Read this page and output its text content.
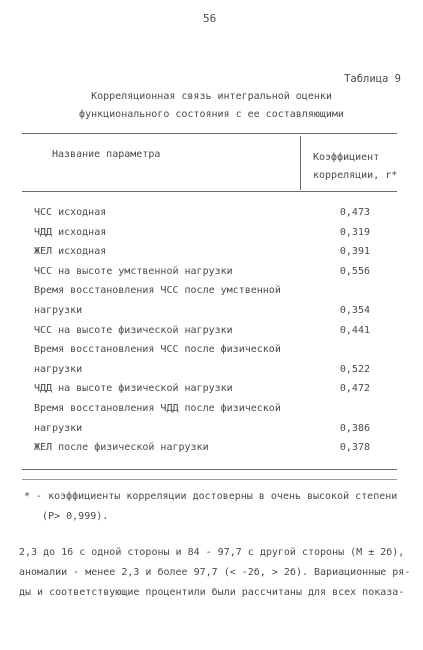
56
Таблица 9
Корреляционная связь интегральной оценки
функционального состояния с ее составляющими
Название параметра	Коэффициент
корреляции, r*
ЧСС исходная	0,473
ЧДД исходная	0,319
ЖЕЛ исходная	0,391
ЧСС на высоте умственной нагрузки	0,556
Время восстановления ЧСС после умственной
нагрузки	0,354
ЧСС на высоте физической нагрузки	0,441
Время восстановления ЧСС после физической
нагрузки	0,522
ЧДД на высоте физической нагрузки	0,472
Время восстановления ЧДД после физической
нагрузки	0,386
ЖЕЛ после физической нагрузки	0,378
* - коэффициенты корреляции достоверны в очень высокой степени
(P> 0,999).
2,3 до 16 с одной стороны и 84 - 97,7 с другой стороны (M ± 2б),
аномалии - менее 2,3 и более 97,7 (< -2б, > 2б). Вариационные ря-
ды и соответствующие процентили были рассчитаны для всех показа-
